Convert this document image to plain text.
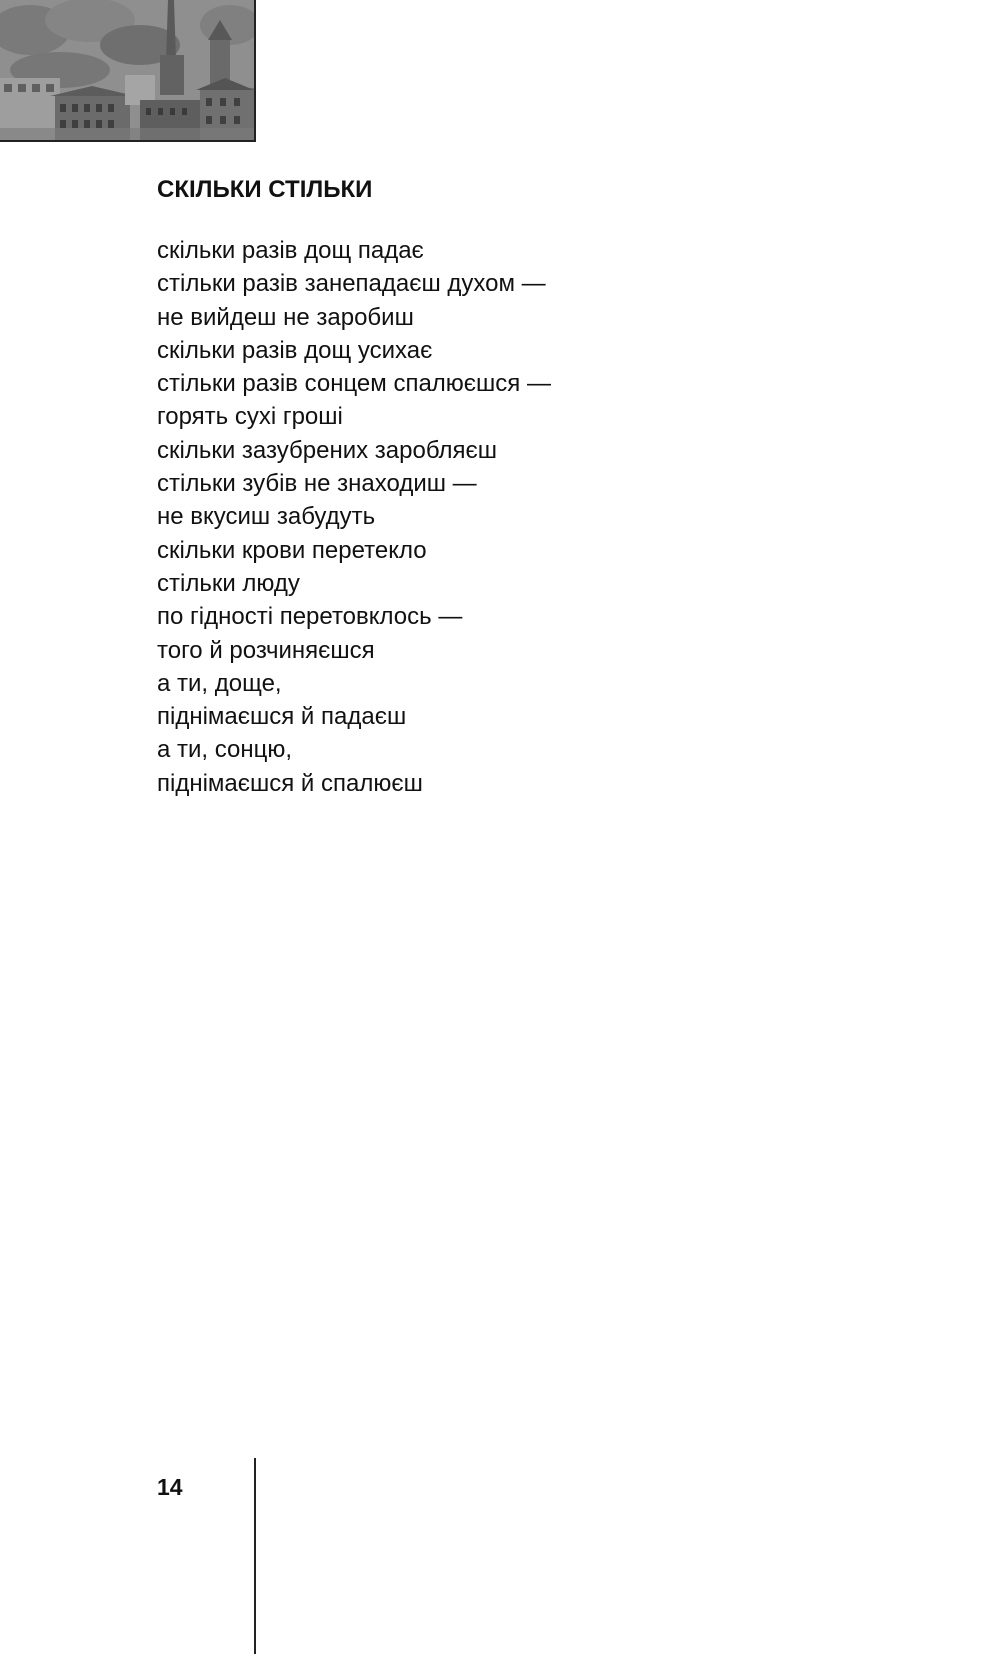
СКІЛЬКИ СТІЛЬКИ
скільки разів дощ падає
стільки разів занепадаєш духом —
не вийдеш не заробиш
скільки разів дощ усихає
стільки разів сонцем спалюєшся —
горять сухі гроші
скільки зазубрених заробляєш
стільки зубів не знаходиш —
не вкусиш забудуть
скільки крови перетекло
стільки люду
по гідності перетовклось —
того й розчиняєшся
а ти, доще,
піднімаєшся й падаєш
а ти, сонцю,
піднімаєшся й спалюєш
14
